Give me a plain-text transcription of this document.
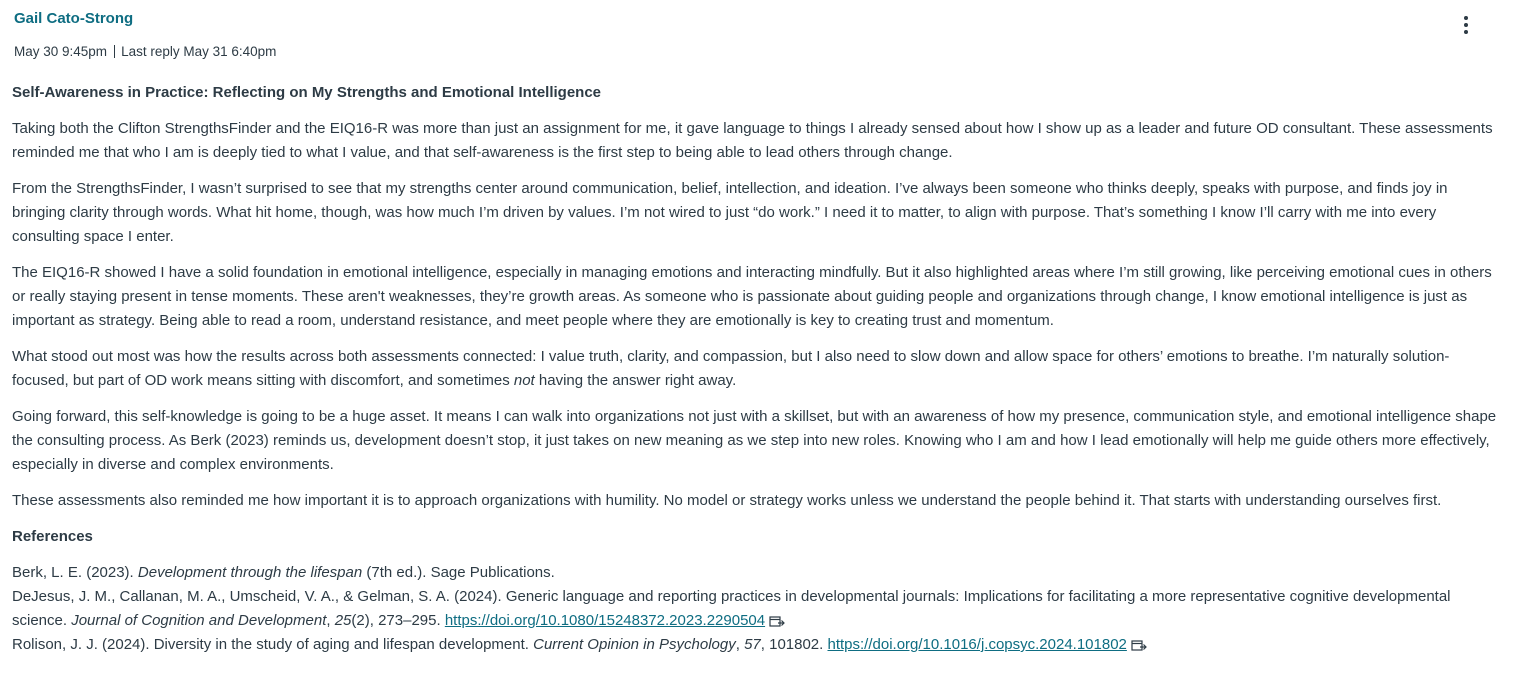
Gail Cato-Strong
May 30 9:45pm Last reply May 31 6:40pm

Self-Awareness in Practice: Reflecting on My Strengths and Emotional Intelligence

Taking both the Clifton StrengthsFinder and the EIQ16-R was more than just an assignment for me, it gave language to things I already sensed about how I show up as a leader and future OD consultant. These assessments reminded me that who I am is deeply tied to what I value, and that self-awareness is the first step to being able to lead others through change.

From the StrengthsFinder, I wasn’t surprised to see that my strengths center around communication, belief, intellection, and ideation. I’ve always been someone who thinks deeply, speaks with purpose, and finds joy in bringing clarity through words. What hit home, though, was how much I’m driven by values. I’m not wired to just “do work.” I need it to matter, to align with purpose. That’s something I know I’ll carry with me into every consulting space I enter.

The EIQ16-R showed I have a solid foundation in emotional intelligence, especially in managing emotions and interacting mindfully. But it also highlighted areas where I’m still growing, like perceiving emotional cues in others or really staying present in tense moments. These aren't weaknesses, they’re growth areas. As someone who is passionate about guiding people and organizations through change, I know emotional intelligence is just as important as strategy. Being able to read a room, understand resistance, and meet people where they are emotionally is key to creating trust and momentum.

What stood out most was how the results across both assessments connected: I value truth, clarity, and compassion, but I also need to slow down and allow space for others’ emotions to breathe. I’m naturally solution-focused, but part of OD work means sitting with discomfort, and sometimes not having the answer right away.

Going forward, this self-knowledge is going to be a huge asset. It means I can walk into organizations not just with a skillset, but with an awareness of how my presence, communication style, and emotional intelligence shape the consulting process. As Berk (2023) reminds us, development doesn’t stop, it just takes on new meaning as we step into new roles. Knowing who I am and how I lead emotionally will help me guide others more effectively, especially in diverse and complex environments.

These assessments also reminded me how important it is to approach organizations with humility. No model or strategy works unless we understand the people behind it. That starts with understanding ourselves first.

References

Berk, L. E. (2023). Development through the lifespan (7th ed.). Sage Publications.

DeJesus, J. M., Callanan, M. A., Umscheid, V. A., & Gelman, S. A. (2024). Generic language and reporting practices in developmental journals: Implications for facilitating a more representative cognitive developmental science. Journal of Cognition and Development, 25(2), 273–295. https://doi.org/10.1080/15248372.2023.2290504

Rolison, J. J. (2024). Diversity in the study of aging and lifespan development. Current Opinion in Psychology, 57, 101802. https://doi.org/10.1016/j.copsyc.2024.101802
